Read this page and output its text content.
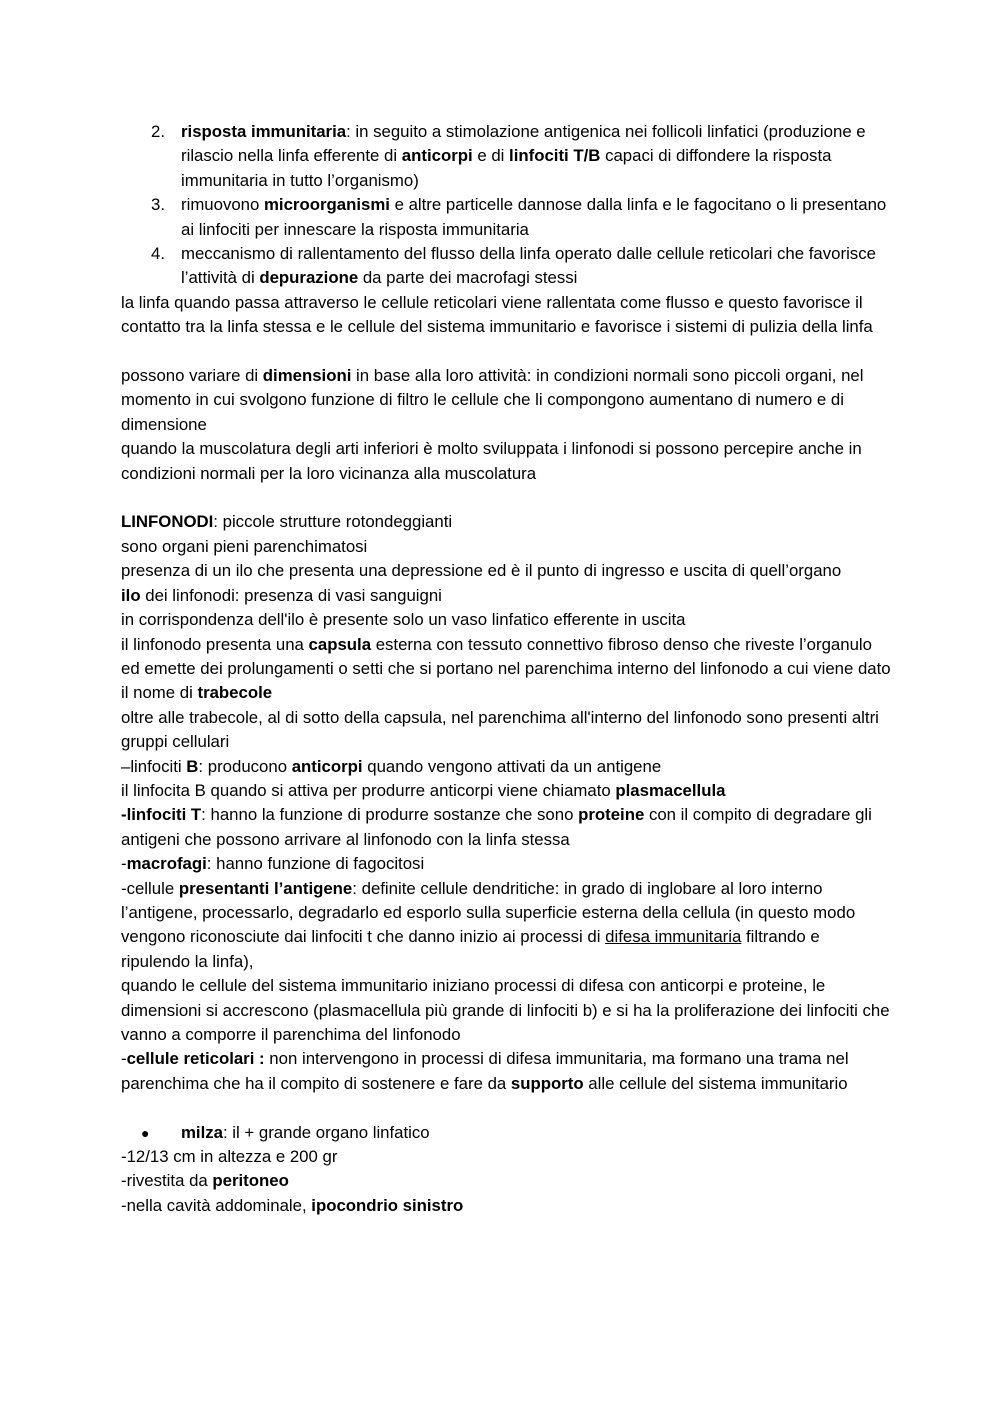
2. risposta immunitaria: in seguito a stimolazione antigenica nei follicoli linfatici (produzione e rilascio nella linfa efferente di anticorpi e di linfociti T/B capaci di diffondere la risposta immunitaria in tutto l’organismo)
3. rimuovono microorganismi e altre particelle dannose dalla linfa e le fagocitano o li presentano ai linfociti per innescare la risposta immunitaria
4. meccanismo di rallentamento del flusso della linfa operato dalle cellule reticolari che favorisce l’attività di depurazione da parte dei macrofagi stessi

la linfa quando passa attraverso le cellule reticolari viene rallentata come flusso e questo favorisce il contatto tra la linfa stessa e le cellule del sistema immunitario e favorisce i sistemi di pulizia della linfa

possono variare di dimensioni in base alla loro attività: in condizioni normali sono piccoli organi, nel momento in cui svolgono funzione di filtro le cellule che li compongono aumentano di numero e di dimensione

quando la muscolatura degli arti inferiori è molto sviluppata i linfonodi si possono percepire anche in condizioni normali per la loro vicinanza alla muscolatura

LINFONODI: piccole strutture rotondeggianti

sono organi pieni parenchimatosi

presenza di un ilo che presenta una depressione ed è il punto di ingresso e uscita di quell’organo

ilo dei linfonodi: presenza di vasi sanguigni

in corrispondenza dell'ilo è presente solo un vaso linfatico efferente in uscita

il linfonodo presenta una capsula esterna con tessuto connettivo fibroso denso che riveste l’organulo ed emette dei prolungamenti o setti che si portano nel parenchima interno del linfonodo a cui viene dato il nome di trabecole

oltre alle trabecole, al di sotto della capsula, nel parenchima all'interno del linfonodo sono presenti altri gruppi cellulari

–linfociti B: producono anticorpi quando vengono attivati da un antigene

il linfocita B quando si attiva per produrre anticorpi viene chiamato plasmacellula

-linfociti T: hanno la funzione di produrre sostanze che sono proteine con il compito di degradare gli antigeni che possono arrivare al linfonodo con la linfa stessa

-macrofagi: hanno funzione di fagocitosi

-cellule presentanti l’antigene: definite cellule dendritiche: in grado di inglobare al loro interno l’antigene, processarlo, degradarlo ed esporlo sulla superficie esterna della cellula (in questo modo vengono riconosciute dai linfociti t che danno inizio ai processi di difesa immunitaria filtrando e ripulendo la linfa),

quando le cellule del sistema immunitario iniziano processi di difesa con anticorpi e proteine, le dimensioni si accrescono (plasmacellula più grande di linfociti b) e si ha la proliferazione dei linfociti che vanno a comporre il parenchima del linfonodo

-cellule reticolari : non intervengono in processi di difesa immunitaria, ma formano una trama nel parenchima che ha il compito di sostenere e fare da supporto alle cellule del sistema immunitario

● milza: il + grande organo linfatico

-12/13 cm in altezza e 200 gr

-rivestita da peritoneo

-nella cavità addominale, ipocondrio sinistro
